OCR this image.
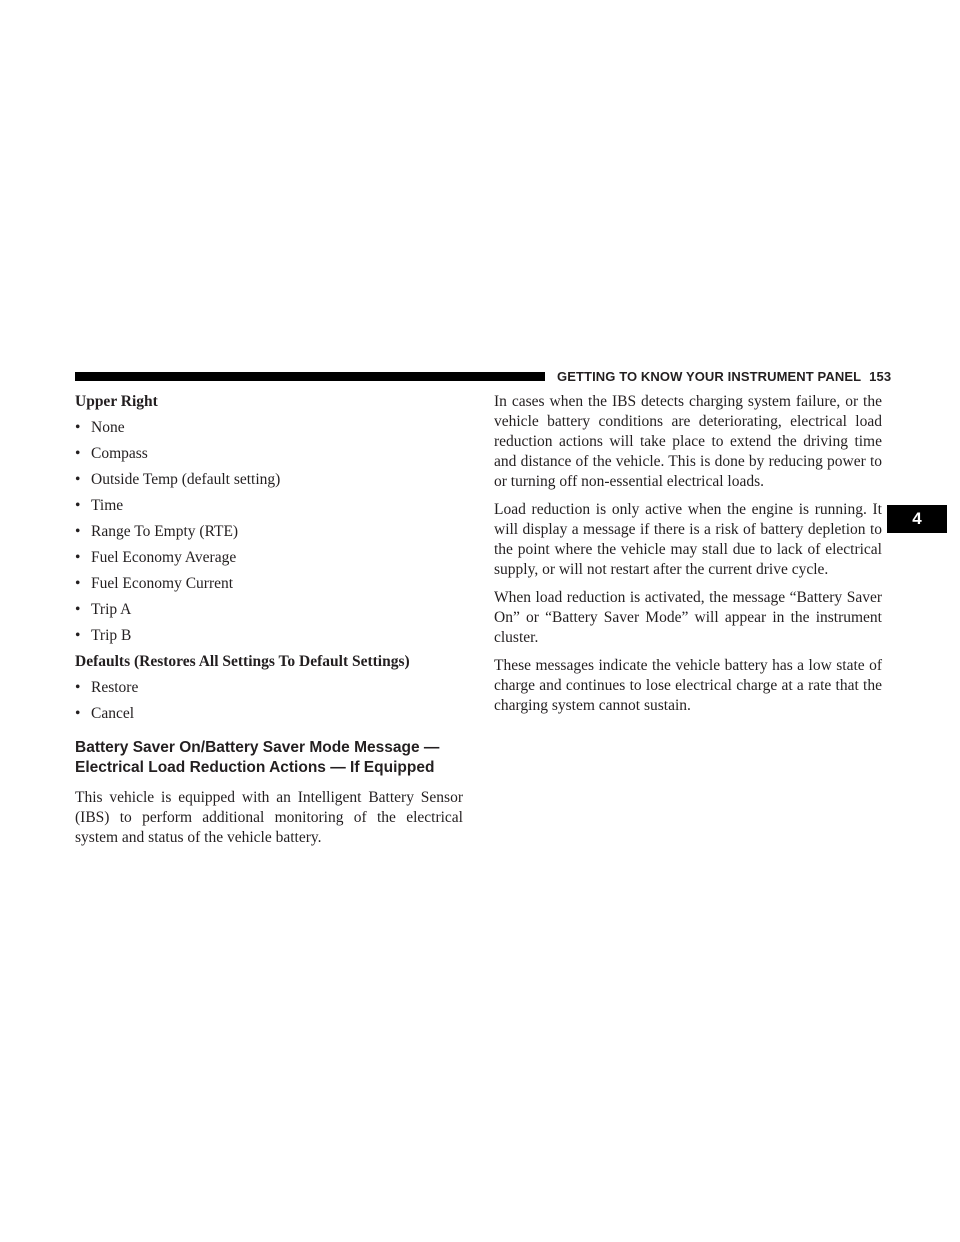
GETTING TO KNOW YOUR INSTRUMENT PANEL 153
4
Upper Right
• None
• Compass
• Outside Temp (default setting)
• Time
• Range To Empty (RTE)
• Fuel Economy Average
• Fuel Economy Current
• Trip A
• Trip B
Defaults (Restores All Settings To Default Settings)
• Restore
• Cancel
Battery Saver On/Battery Saver Mode Message —
Electrical Load Reduction Actions — If Equipped

This vehicle is equipped with an Intelligent Battery Sensor (IBS) to perform additional monitoring of the electrical system and status of the vehicle battery.

In cases when the IBS detects charging system failure, or the vehicle battery conditions are deteriorating, electrical load reduction actions will take place to extend the driving time and distance of the vehicle. This is done by reducing power to or turning off non-essential electrical loads.

Load reduction is only active when the engine is running. It will display a message if there is a risk of battery depletion to the point where the vehicle may stall due to lack of electrical supply, or will not restart after the current drive cycle.

When load reduction is activated, the message “Battery Saver On” or “Battery Saver Mode” will appear in the instrument cluster.

These messages indicate the vehicle battery has a low state of charge and continues to lose electrical charge at a rate that the charging system cannot sustain.
